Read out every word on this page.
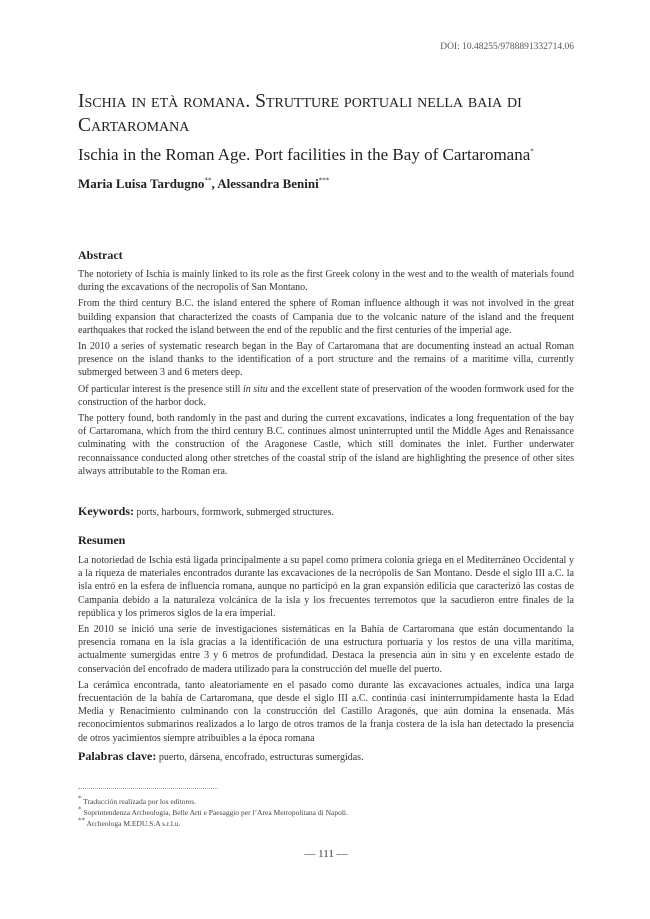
DOI: 10.48255/9788891332714.06
Ischia in età romana. Strutture portuali nella baia di Cartaromana
Ischia in the Roman Age. Port facilities in the Bay of Cartaromana*
Maria Luisa Tardugno**, Alessandra Benini***
Abstract

The notoriety of Ischia is mainly linked to its role as the first Greek colony in the west and to the wealth of materials found during the excavations of the necropolis of San Montano.

From the third century B.C. the island entered the sphere of Roman influence although it was not involved in the great building expansion that characterized the coasts of Campania due to the volcanic nature of the island and the frequent earthquakes that rocked the island between the end of the republic and the first centuries of the imperial age.

In 2010 a series of systematic research began in the Bay of Cartaromana that are documenting instead an actual Roman presence on the island thanks to the identification of a port structure and the remains of a maritime villa, currently submerged between 3 and 6 meters deep.

Of particular interest is the presence still in situ and the excellent state of preservation of the wooden formwork used for the construction of the harbor dock.

The pottery found, both randomly in the past and during the current excavations, indicates a long frequentation of the bay of Cartaromana, which from the third century B.C. continues almost uninterrupted until the Middle Ages and Renaissance culminating with the construction of the Aragonese Castle, which still dominates the inlet. Further underwater reconnaissance conducted along other stretches of the coastal strip of the island are highlighting the presence of other sites always attributable to the Roman era.

Keywords: ports, harbours, formwork, submerged structures.
Resumen

La notoriedad de Ischia está ligada principalmente a su papel como primera colonia griega en el Mediterráneo Occidental y a la riqueza de materiales encontrados durante las excavaciones de la necrópolis de San Montano. Desde el siglo III a.C. la isla entró en la esfera de influencia romana, aunque no participó en la gran expansión edilicia que caracterizó las costas de Campania debido a la naturaleza volcánica de la isla y los frecuentes terremotos que la sacudieron entre finales de la república y los primeros siglos de la era imperial.

En 2010 se inició una serie de investigaciones sistemáticas en la Bahía de Cartaromana que están documentando la presencia romana en la isla gracias a la identificación de una estructura portuaria y los restos de una villa marítima, actualmente sumergidas entre 3 y 6 metros de profundidad. Destaca la presencia aún in situ y en excelente estado de conservación del encofrado de madera utilizado para la construcción del muelle del puerto.

La cerámica encontrada, tanto aleatoriamente en el pasado como durante las excavaciones actuales, indica una larga frecuentación de la bahía de Cartaromana, que desde el siglo III a.C. continúa casi ininterrumpidamente hasta la Edad Media y Renacimiento culminando con la construcción del Castillo Aragonés, que aún domina la ensenada. Más reconocimientos submarinos realizados a lo largo de otros tramos de la franja costera de la isla han detectado la presencia de otros yacimientos siempre atribuibles a la época romana

Palabras clave: puerto, dársena, encofrado, estructuras sumergidas.
* Traducción realizada por los editores.
* Soprintendenza Archeologia, Belle Arti e Paesaggio per l’Area Metropolitana di Napoli.
** Archeologa M.EDU.S.A s.r.l.u.
— 111 —
